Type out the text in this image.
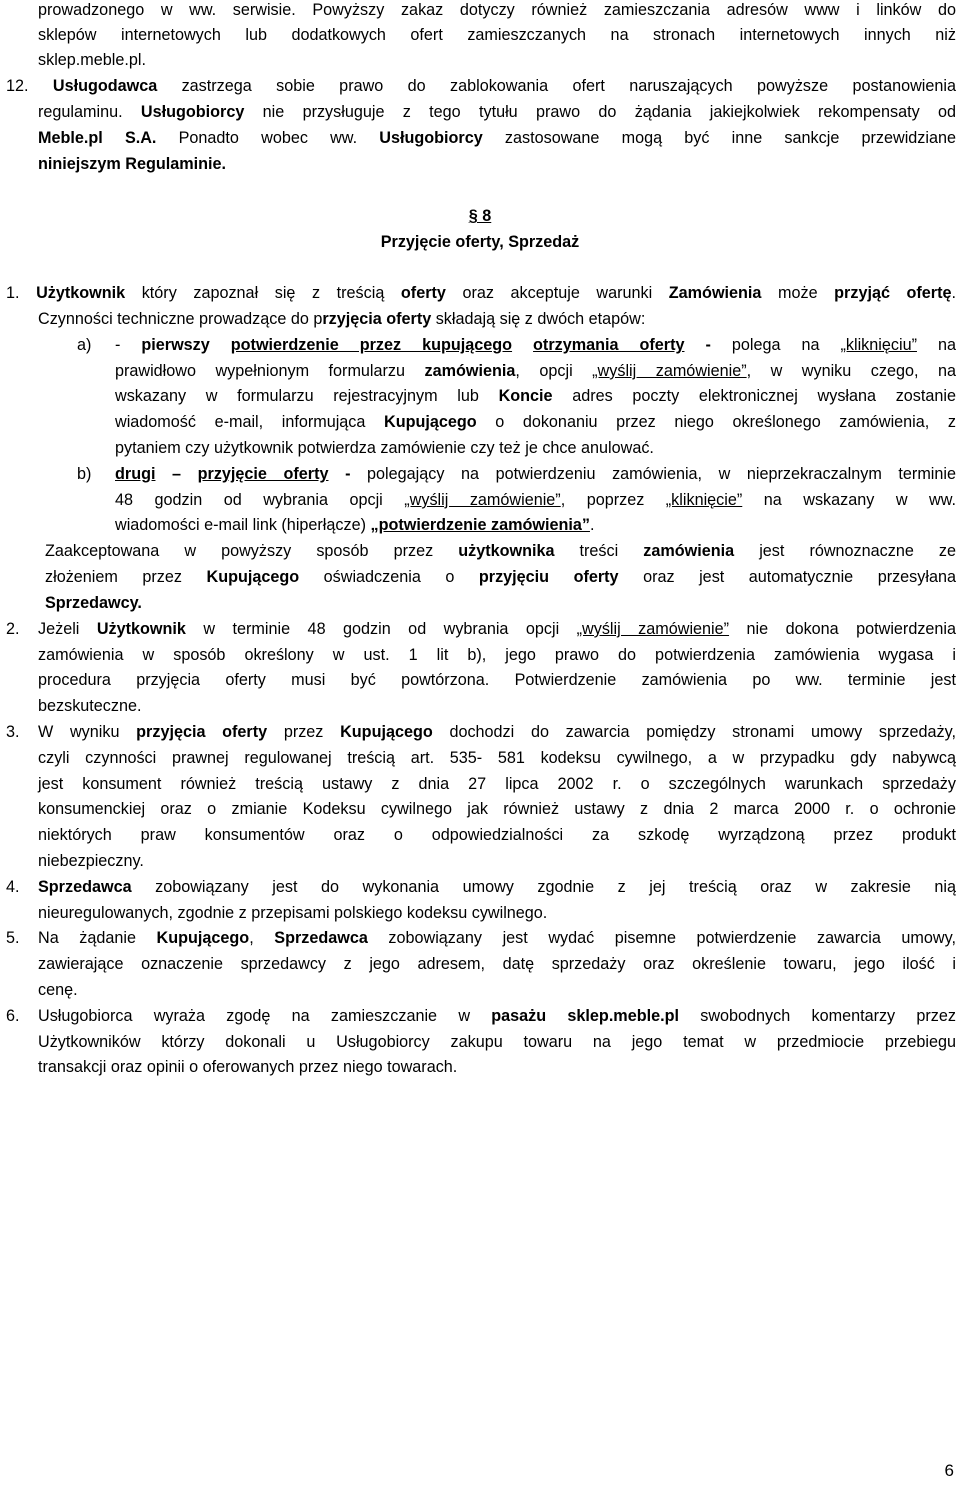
prowadzonego w ww. serwisie. Powyższy zakaz dotyczy również zamieszczania adresów www i linków do
sklepów internetowych lub dodatkowych ofert zamieszczanych na stronach internetowych innych niż
sklep.meble.pl.
12. Usługodawca zastrzega sobie prawo do zablokowania ofert naruszających powyższe postanowienia
regulaminu. Usługobiorcy nie przysługuje z tego tytułu prawo do żądania jakiejkolwiek rekompensaty od
Meble.pl S.A. Ponadto wobec ww. Usługobiorcy zastosowane mogą być inne sankcje przewidziane
niniejszym Regulaminie.
§ 8
Przyjęcie oferty, Sprzedaż
1. Użytkownik który zapoznał się z treścią oferty oraz akceptuje warunki Zamówienia może przyjąć ofertę.
Czynności techniczne prowadzące do przyjęcia oferty składają się z dwóch etapów:
a) - pierwszy potwierdzenie przez kupującego otrzymania oferty - polega na „kliknięciu” na
prawidłowo wypełnionym formularzu zamówienia, opcji „wyślij zamówienie”, w wyniku czego, na
wskazany w formularzu rejestracyjnym lub Koncie adres poczty elektronicznej wysłana zostanie
wiadomość e-mail, informująca Kupującego o dokonaniu przez niego określonego zamówienia, z
pytaniem czy użytkownik potwierdza zamówienie czy też je chce anulować.
b) drugi – przyjęcie oferty - polegający na potwierdzeniu zamówienia, w nieprzekraczalnym terminie
48 godzin od wybrania opcji „wyślij zamówienie”, poprzez „kliknięcie” na wskazany w ww.
wiadomości e-mail link (hiperłącze) „potwierdzenie zamówienia”.
Zaakceptowana w powyższy sposób przez użytkownika treści zamówienia jest równoznaczne ze
złożeniem przez Kupującego oświadczenia o przyjęciu oferty oraz jest automatycznie przesyłana
Sprzedawcy.
2. Jeżeli Użytkownik w terminie 48 godzin od wybrania opcji „wyślij zamówienie” nie dokona potwierdzenia
zamówienia w sposób określony w ust. 1 lit b), jego prawo do potwierdzenia zamówienia wygasa i
procedura przyjęcia oferty musi być powtórzona. Potwierdzenie zamówienia po ww. terminie jest
bezskuteczne.
3. W wyniku przyjęcia oferty przez Kupującego dochodzi do zawarcia pomiędzy stronami umowy sprzedaży,
czyli czynności prawnej regulowanej treścią art. 535- 581 kodeksu cywilnego, a w przypadku gdy nabywcą
jest konsument również treścią ustawy z dnia 27 lipca 2002 r. o szczególnych warunkach sprzedaży
konsumenckiej oraz o zmianie Kodeksu cywilnego jak również ustawy z dnia 2 marca 2000 r. o ochronie
niektórych praw konsumentów oraz o odpowiedzialności za szkodę wyrządzoną przez produkt
niebezpieczny.
4. Sprzedawca zobowiązany jest do wykonania umowy zgodnie z jej treścią oraz w zakresie nią
nieuregulowanych, zgodnie z przepisami polskiego kodeksu cywilnego.
5. Na żądanie Kupującego, Sprzedawca zobowiązany jest wydać pisemne potwierdzenie zawarcia umowy,
zawierające oznaczenie sprzedawcy z jego adresem, datę sprzedaży oraz określenie towaru, jego ilość i
cenę.
6. Usługobiorca wyraża zgodę na zamieszczanie w pasażu sklep.meble.pl swobodnych komentarzy przez
Użytkowników którzy dokonali u Usługobiorcy zakupu towaru na jego temat w przedmiocie przebiegu
transakcji oraz opinii o oferowanych przez niego towarach.
6
